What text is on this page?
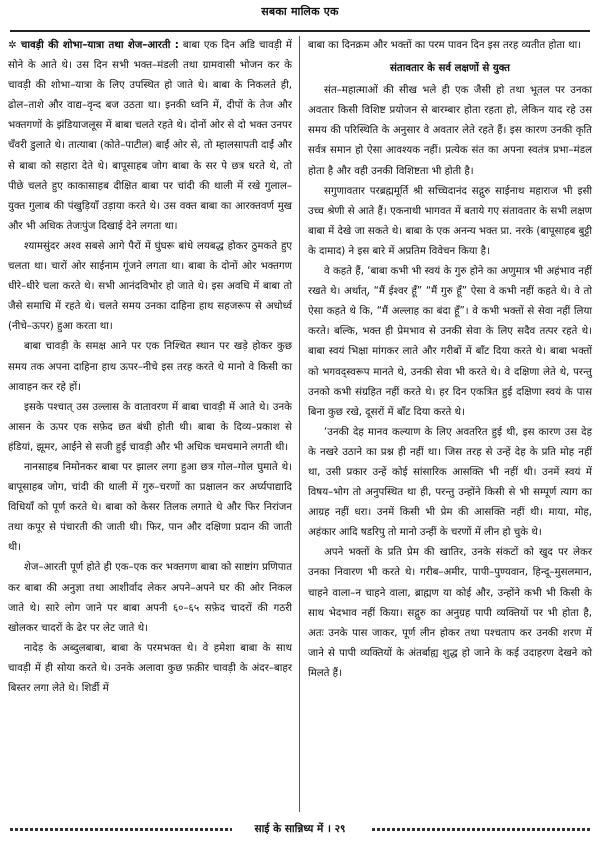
सबका मालिक एक

✲ चावड़ी की शोभा–यात्रा तथा शेज–आरती : बाबा एक दिन अडि चावड़ी में सोने के आते थे। उस दिन सभी भक्त–मंडली तथा ग्रामवासी भोजन कर के चावड़ी की शोभा–यात्रा के लिए उपस्थित हो जाते थे। बाबा के निकलते ही, ढोल–ताशे और वाद्य–वृन्द बज उठता था। इनकी ध्वनि में, दीपों के तेज और भक्तगणों के झंडियाजलूस में बाबा चलते रहते थे। दोनों ओर से दो भक्त उनपर चँवरी डुलाते थे। तात्याबा (कोते–पाटील) बाईं ओर से, तो म्हालसापती दाईं और से बाबा को सहारा देते थे। बापूसाहब जोग बाबा के सर पे छत्र धरते थे, तो पीछे चलते हुए काकासाहब दीक्षित बाबा पर चांदी की थाली में रखे गुलाल–युक्त गुलाब की पंखुड़ियाँ उड़ाया करते थे। उस वक्त बाबा का आरक्तवर्ण मुख और भी अधिक तेजःपुंज दिखाई देने लगता था।

श्यामसुंदर अश्व सबसे आगे पैरों में घुंघरू बांधे लयबद्ध होकर ठुमकते हुए चलता था। चारों ओर साईनाम गूंजने लगता था। बाबा के दोनों ओर भक्तगण धीरे–धीरे चला करते थे। सभी आनंदविभोर हो जाते थे। इस अवधि में बाबा तो जैसे समाधि में रहते थे। चलते समय उनका दाहिना हाथ सहजरूप से अधोर्ध्व (नीचे–ऊपर) हुआ करता था।

बाबा चावड़ी के समक्ष आने पर एक निश्चित स्थान पर खड़े होकर कुछ समय तक अपना दाहिना हाथ ऊपर–नीचे इस तरह करते थे मानो वे किसी का आवाहन कर रहे हों।

इसके पश्चात् उस उल्लास के वातावरण में बाबा चावड़ी में आते थे। उनके आसन के ऊपर एक सफ़ेद छत बंधी होती थी। बाबा के दिव्य–प्रकाश से हंडियां, झूमर, आईने से सजी हुई चावड़ी और भी अधिक चमचमाने लगती थी।

नानसाहब निमोनकर बाबा पर झालर लगा हुआ छत्र गोल–गोल घुमाते थे। बापूसाहब जोग, चांदी की थाली में गुरु–चरणों का प्रक्षालन कर अर्घ्यपाद्यादि विधियाँ को पूर्ण करते थे। बाबा को केसर तिलक लगाते थे और फिर निरांजन तथा कपूर से पंचारती की जाती थी। फिर, पान और दक्षिणा प्रदान की जाती थी।

शेज–आरती पूर्ण होते ही एक–एक कर भक्तगण बाबा को साष्टांग प्रणिपात कर बाबा की अनुज्ञा तथा आशीर्वाद लेकर अपने–अपने घर की ओर निकल जाते थे। सारे लोग जाने पर बाबा अपनी ६०–६५ सफ़ेद चादरों की गठरी खोलकर चादरों के ढेर पर लेट जाते थे।

नादेड़ के अब्दुलबाबा, बाबा के परमभक्त थे। वे हमेशा बाबा के साथ चावड़ी में ही सोया करते थे। उनके अलावा कुछ फ़क़ीर चावड़ी के अंदर–बाहर बिस्तर लगा लेते थे। शिर्डी में

बाबा का दिनक्रम और भक्तों का परम पावन दिन इस तरह व्यतीत होता था।

संतावतार के सर्व लक्षणों से युक्त

संत–महात्माओं की सीख भले ही एक जैसी हो तथा भूतल पर उनका अवतार किसी विशिष्ट प्रयोजन से बारम्बार होता रहता हो, लेकिन याद रहे उस समय की परिस्थिति के अनुसार वे अवतार लेते रहते हैं। इस कारण उनकी कृति सर्वत्र समान हो ऐसा आवश्यक नहीं। प्रत्येक संत का अपना स्वतंत्र प्रभा–मंडल होता है और वही उनकी विशिष्टता भी होती है।

सगुणावतार परब्रह्ममूर्ति श्री सच्चिदानंद सद्गुरु साईनाथ महाराज भी इसी उच्च श्रेणी से आते हैं। एकनाथी भागवत में बताये गए संतावतार के सभी लक्षण बाबा में देखे जा सकते थे। बाबा के एक अनन्य भक्त प्रा. नरके (बापूसाहब बुट्टी के दामाद) ने इस बारे में अप्रतिम विवेचन किया है।

वे कहते हैं, ‘बाबा कभी भी स्वयं के गुरु होने का अणुमात्र भी अहंभाव नहीं रखते थे। अर्थात्, “मैं ईश्वर हूँ” “मैं गुरु हूँ” ऐसा वे कभी नहीं कहते थे। वे तो ऐसा कहते थे कि, “मैं अल्लाह का बंदा हूँ”। वे कभी भक्तों से सेवा नहीं लिया करते। बल्कि, भक्त ही प्रेमभाव से उनकी सेवा के लिए सदैव तत्पर रहते थे। बाबा स्वयं भिक्षा मांगकर लाते और गरीबों में बाँट दिया करते थे। बाबा भक्तों को भगवद्स्वरूप मानते थे, उनकी सेवा भी करते थे। वे दक्षिणा लेते थे, परन्तु उनको कभी संग्रहित नहीं करते थे। हर दिन एकत्रित हुई दक्षिणा स्वयं के पास बिना कुछ रखे, दूसरों में बाँट दिया करते थे।

‘उनकी देह मानव कल्याण के लिए अवतरित हुई थी, इस कारण उस देह के नखरे उठाने का प्रश्न ही नहीं था। जिस तरह से उन्हें देह के प्रति मोह नहीं था, उसी प्रकार उन्हें कोई सांसारिक आसक्ति भी नहीं थी। उनमें स्वयं में विषय–भोग तो अनुपस्थित था ही, परन्तु उन्होंने किसी से भी सम्पूर्ण त्याग का आग्रह नहीं धरा। उनमें किसी भी प्रेम की आसक्ति नहीं थी। माया, मोह, अहंकार आदि षडरिपु तो मानो उन्हीं के चरणों में लीन हो चुके थे।

अपने भक्तों के प्रति प्रेम की खातिर, उनके संकटों को खुद पर लेकर उनका निवारण भी करते थे। गरीब–अमीर, पापी–पुण्यवान, हिन्दू–मुसलमान, चाहने वाला–न चाहने वाला, ब्राह्मण या कोई और, उन्होंने कभी भी किसी के साथ भेदभाव नहीं किया। सद्गुरु का अनुग्रह पापी व्यक्तियों पर भी होता है, अतः उनके पास जाकर, पूर्ण लीन होकर तथा पश्चताप कर उनकी शरण में जाने से पापी व्यक्तियों के अंतर्बाह्य शुद्ध हो जाने के कई उदाहरण देखने को मिलते हैं।

साई के सान्निध्य में । २९
